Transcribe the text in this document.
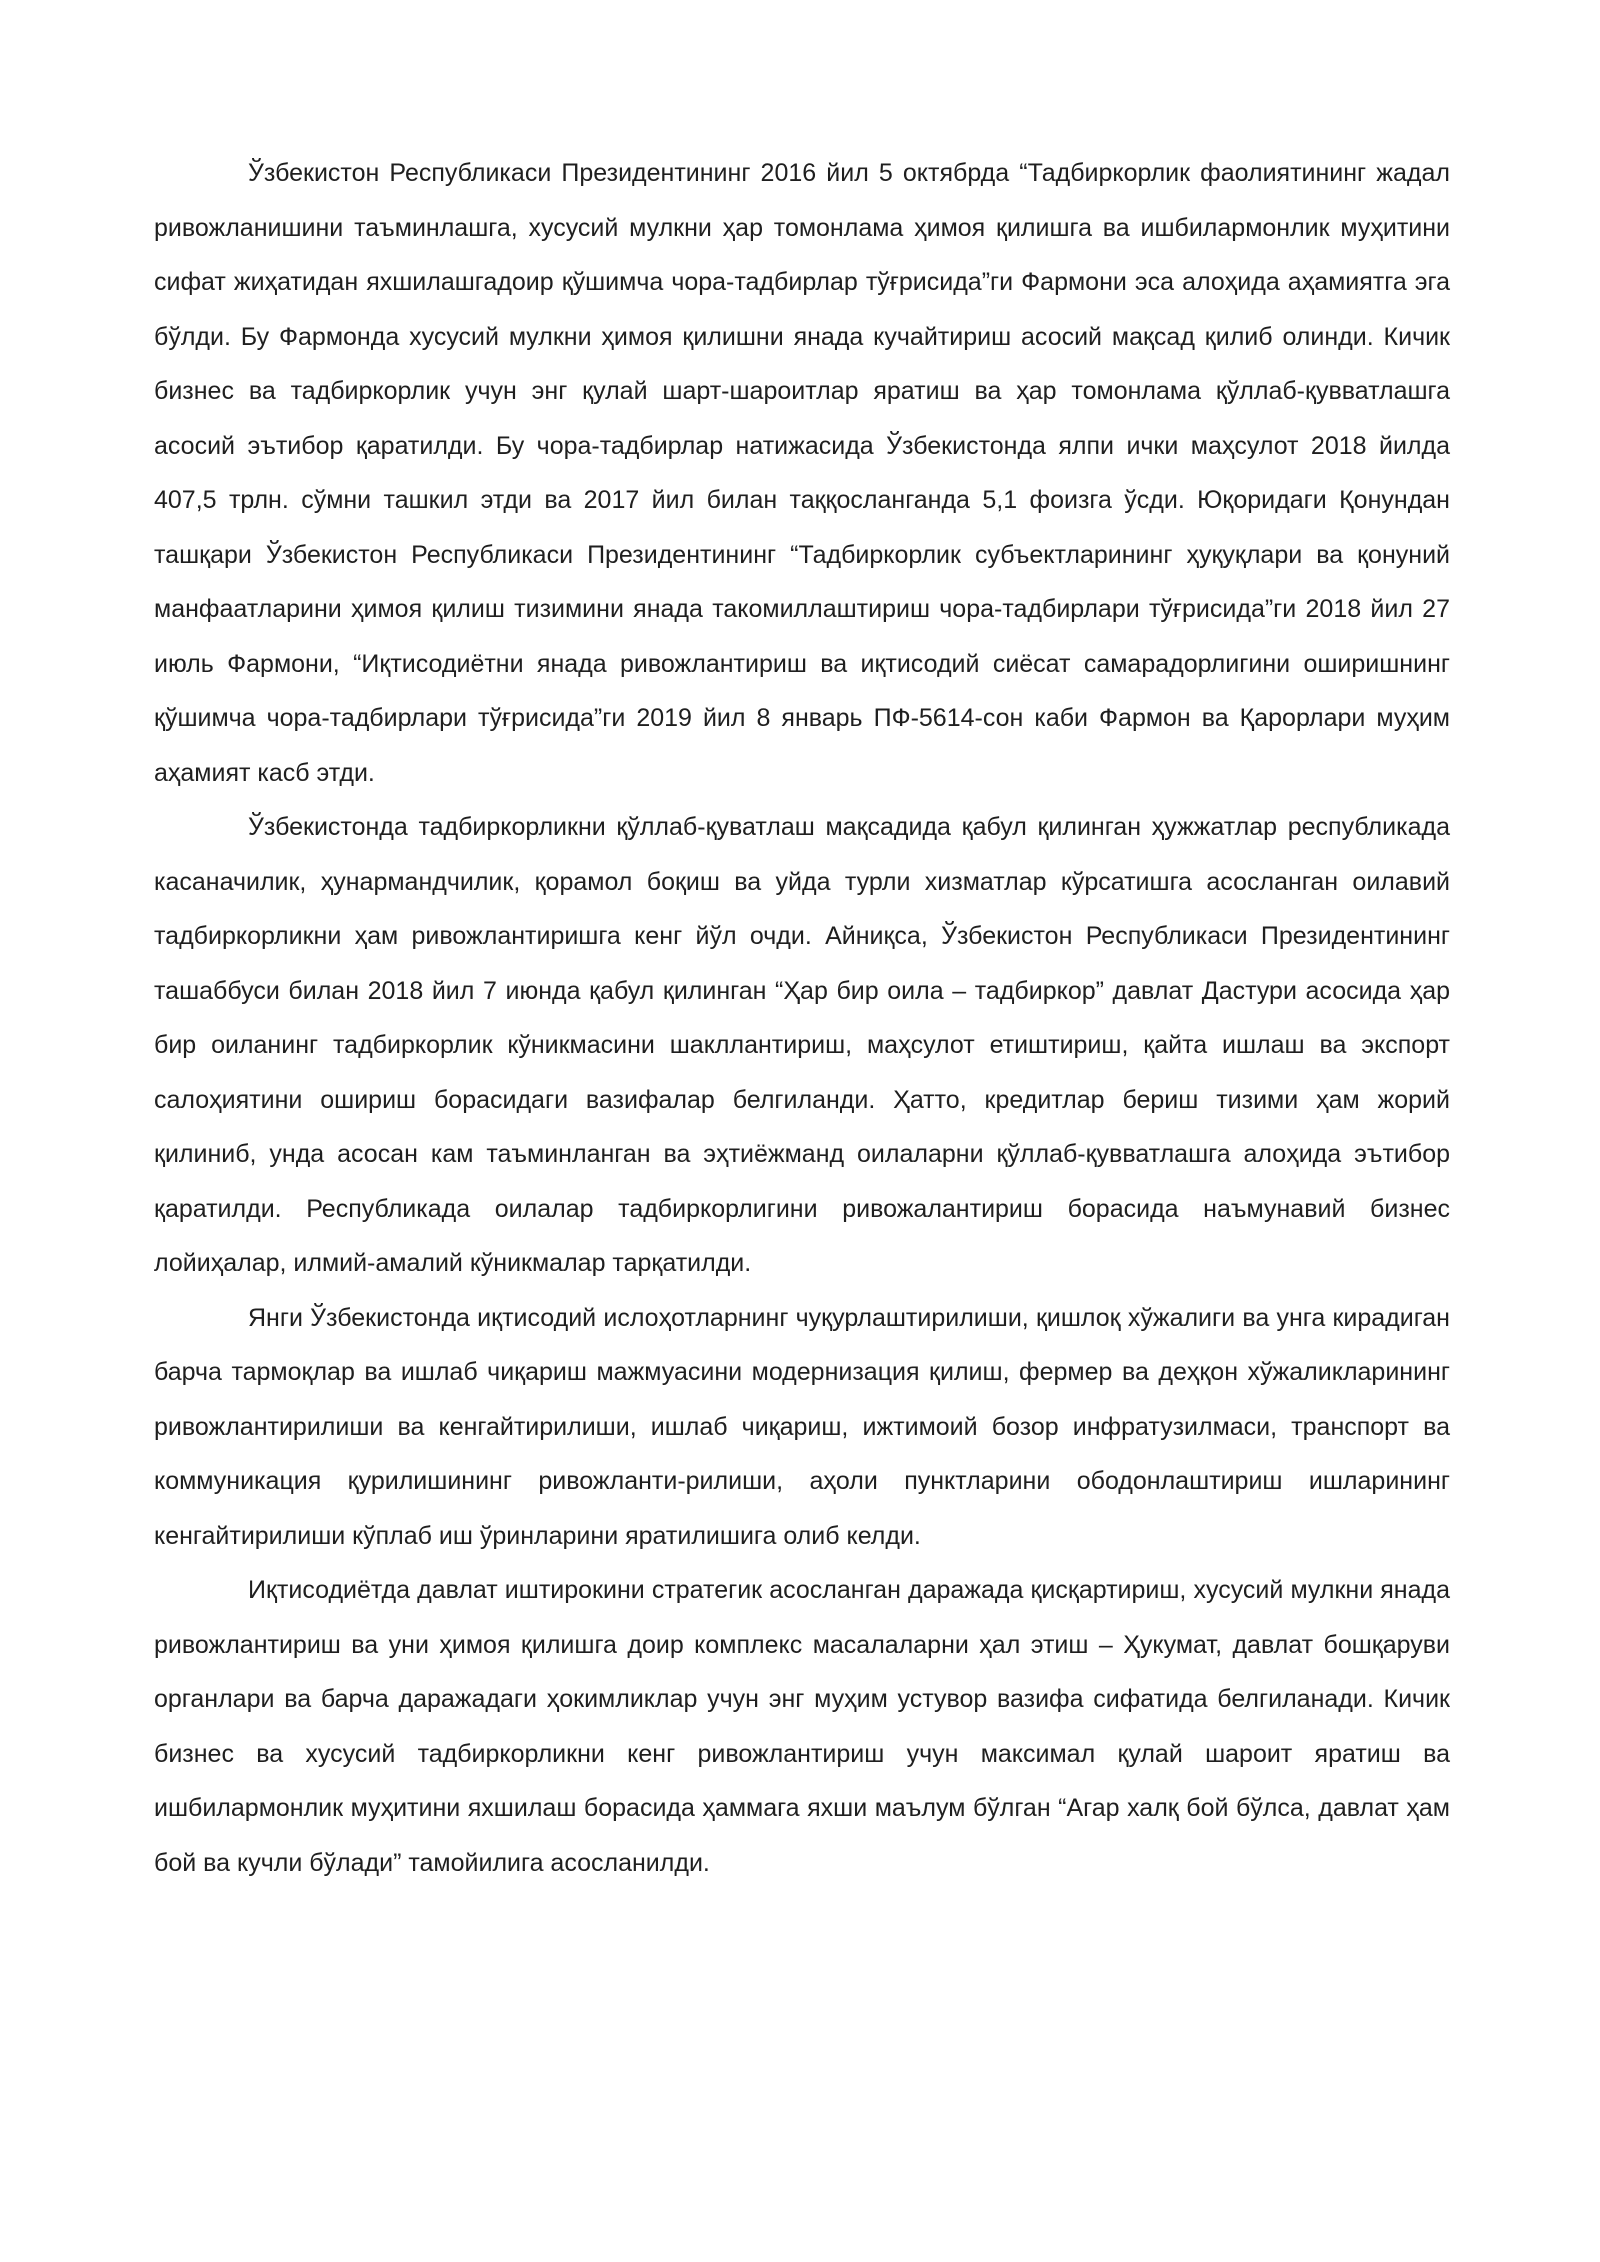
Ўзбекистон Республикаси Президентининг 2016 йил 5 октябрда “Тадбиркорлик фаолиятининг жадал ривожланишини таъминлашга, хусусий мулкни ҳар томонлама ҳимоя қилишга ва ишбилармонлик муҳитини сифат жиҳатидан яхшилашгадоир қўшимча чора-тадбирлар тўғрисида”ги Фармони эса алоҳида аҳамиятга эга бўлди. Бу Фармонда хусусий мулкни ҳимоя қилишни янада кучайтириш асосий мақсад қилиб олинди. Кичик бизнес ва тадбиркорлик учун энг қулай шарт-шароитлар яратиш ва ҳар томонлама қўллаб-қувватлашга асосий эътибор қаратилди. Бу чора-тадбирлар натижасида Ўзбекистонда ялпи ички маҳсулот 2018 йилда 407,5 трлн. сўмни ташкил этди ва 2017 йил билан таққосланганда 5,1 фоизга ўсди. Юқоридаги Қонундан ташқари Ўзбекистон Республикаси Президентининг “Тадбиркорлик субъектларининг ҳуқуқлари ва қонуний манфаатларини ҳимоя қилиш тизимини янада такомиллаштириш чора-тадбирлари тўғрисида”ги 2018 йил 27 июль Фармони, “Иқтисодиётни янада ривожлантириш ва иқтисодий сиёсат самарадорлигини оширишнинг қўшимча чора-тадбирлари тўғрисида”ги 2019 йил 8 январь ПФ-5614-сон каби Фармон ва Қарорлари муҳим аҳамият касб этди.

Ўзбекистонда тадбиркорликни қўллаб-қуватлаш мақсадида қабул қилинган ҳужжатлар республикада касаначилик, ҳунармандчилик, қорамол боқиш ва уйда турли хизматлар кўрсатишга асосланган оилавий тадбиркорликни ҳам ривожлантиришга кенг йўл очди. Айниқса, Ўзбекистон Республикаси Президентининг ташаббуси билан 2018 йил 7 июнда қабул қилинган “Ҳар бир оила – тадбиркор” давлат Дастури асосида ҳар бир оиланинг тадбиркорлик кўникмасини шакллантириш, маҳсулот етиштириш, қайта ишлаш ва экспорт салоҳиятини ошириш борасидаги вазифалар белгиланди. Ҳатто, кредитлар бериш тизими ҳам жорий қилиниб, унда асосан кам таъминланган ва эҳтиёжманд оилаларни қўллаб-қувватлашга алоҳида эътибор қаратилди. Республикада оилалар тадбиркорлигини ривожалантириш борасида наъмунавий бизнес лойиҳалар, илмий-амалий кўникмалар тарқатилди.

Янги Ўзбекистонда иқтисодий ислоҳотларнинг чуқурлаштирилиши, қишлоқ хўжалиги ва унга кирадиган барча тармоқлар ва ишлаб чиқариш мажмуасини модернизация қилиш, фермер ва деҳқон хўжаликларининг ривожлантирилиши ва кенгайтирилиши, ишлаб чиқариш, ижтимоий бозор инфратузилмаси, транспорт ва коммуникация қурилишининг ривожланти-рилиши, аҳоли пунктларини ободонлаштириш ишларининг кенгайтирилиши кўплаб иш ўринларини яратилишига олиб келди.

Иқтисодиётда давлат иштирокини стратегик асосланган даражада қисқартириш, хусусий мулкни янада ривожлантириш ва уни ҳимоя қилишга доир комплекс масалаларни ҳал этиш – Ҳукумат, давлат бошқаруви органлари ва барча даражадаги ҳокимликлар учун энг муҳим устувор вазифа сифатида белгиланади. Кичик бизнес ва хусусий тадбиркорликни кенг ривожлантириш учун максимал қулай шароит яратиш ва ишбилармонлик муҳитини яхшилаш борасида ҳаммага яхши маълум бўлган “Агар халқ бой бўлса, давлат ҳам бой ва кучли бўлади” тамойилига асосланилди.
